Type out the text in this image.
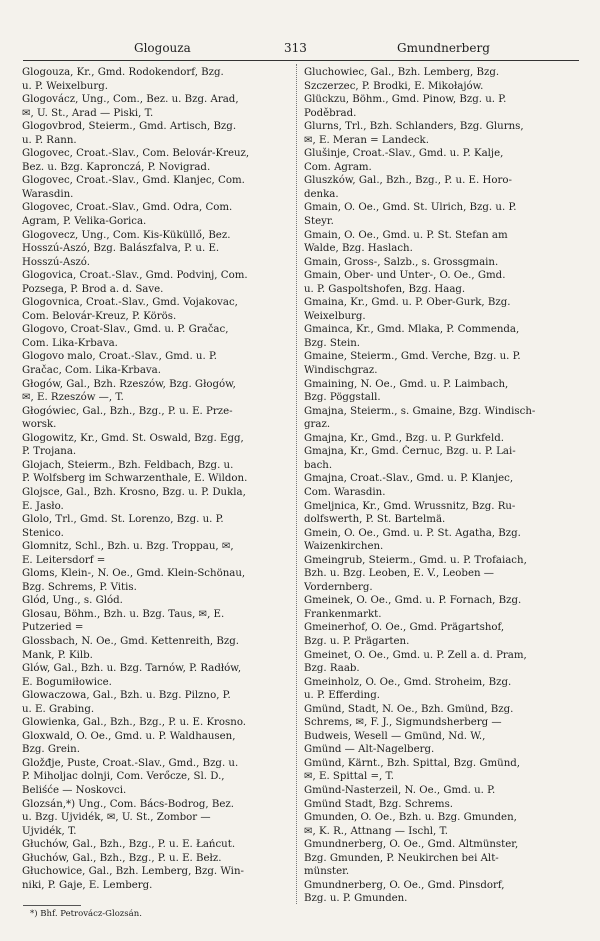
Glogouza	313	Gmundnerberg
Glogouza, Kr., Gmd. Rodokendorf, Bzg.
u. P. Weixelburg.
Glogovácz, Ung., Com., Bez. u. Bzg. Arad,
✉, U. St., Arad — Piski, T.
Glogovbrod, Steierm., Gmd. Artisch, Bzg.
u. P. Rann.
Glogovec, Croat.-Slav., Com. Belovár-Kreuz,
Bez. u. Bzg. Kapronczá, P. Novigrad.
Glogovec, Croat.-Slav., Gmd. Klanjec, Com.
Warasdin.
Glogovec, Croat.-Slav., Gmd. Odra, Com.
Agram, P. Velika-Gorica.
Glogovecz, Ung., Com. Kis-Küküllő, Bez.
Hosszú-Aszó, Bzg. Balászfalva, P. u. E.
Hosszú-Aszó.
Glogovica, Croat.-Slav., Gmd. Podvinj, Com.
Pozsega, P. Brod a. d. Save.
Glogovnica, Croat.-Slav., Gmd. Vojakovac,
Com. Belovár-Kreuz, P. Körös.
Glogovo, Croat-Slav., Gmd. u. P. Gračac,
Com. Lika-Krbava.
Glogovo malo, Croat.-Slav., Gmd. u. P.
Gračac, Com. Lika-Krbava.
Głogów, Gal., Bzh. Rzeszów, Bzg. Głogów,
✉, E. Rzeszów —, T.
Głogówiec, Gal., Bzh., Bzg., P. u. E. Prze-
worsk.
Glogowitz, Kr., Gmd. St. Oswald, Bzg. Egg,
P. Trojana.
Glojach, Steierm., Bzh. Feldbach, Bzg. u.
P. Wolfsberg im Schwarzenthale, E. Wildon.
Glojsce, Gal., Bzh. Krosno, Bzg. u. P. Dukla,
E. Jasło.
Glolo, Trl., Gmd. St. Lorenzo, Bzg. u. P.
Stenico.
Glomnitz, Schl., Bzh. u. Bzg. Troppau, ✉,
E. Leitersdorf =
Gloms, Klein-, N. Oe., Gmd. Klein-Schönau,
Bzg. Schrems, P. Vitis.
Glód, Ung., s. Glód.
Glosau, Böhm., Bzh. u. Bzg. Taus, ✉, E.
Putzeried =
Glossbach, N. Oe., Gmd. Kettenreith, Bzg.
Mank, P. Kilb.
Glów, Gal., Bzh. u. Bzg. Tarnów, P. Radłów,
E. Bogumiłowice.
Glowaczowa, Gal., Bzh. u. Bzg. Pilzno, P.
u. E. Grabing.
Glowienka, Gal., Bzh., Bzg., P. u. E. Krosno.
Gloxwald, O. Oe., Gmd. u. P. Waldhausen,
Bzg. Grein.
Gložđje, Puste, Croat.-Slav., Gmd., Bzg. u.
P. Miholjac dolnji, Com. Verőcze, Sl. D.,
Beliśće — Noskovci.
Glozsán,*) Ung., Com. Bács-Bodrog, Bez.
u. Bzg. Ujvidék, ✉, U. St., Zombor —
Ujvidék, T.
Głuchów, Gal., Bzh., Bzg., P. u. E. Łańcut.
Głuchów, Gal., Bzh., Bzg., P. u. E. Bełz.
Głuchowice, Gal., Bzh. Lemberg, Bzg. Win-
niki, P. Gaje, E. Lemberg.
Gluchowiec, Gal., Bzh. Lemberg, Bzg.
Szczerzec, P. Brodki, E. Mikołajów.
Glückzu, Böhm., Gmd. Pinow, Bzg. u. P.
Poděbrad.
Glurns, Trl., Bzh. Schlanders, Bzg. Glurns,
✉, E. Meran = Landeck.
Glušinje, Croat.-Slav., Gmd. u. P. Kalje,
Com. Agram.
Gluszków, Gal., Bzh., Bzg., P. u. E. Horo-
denka.
Gmain, O. Oe., Gmd. St. Ulrich, Bzg. u. P.
Steyr.
Gmain, O. Oe., Gmd. u. P. St. Stefan am
Walde, Bzg. Haslach.
Gmain, Gross-, Salzb., s. Grossgmain.
Gmain, Ober- und Unter-, O. Oe., Gmd.
u. P. Gaspoltshofen, Bzg. Haag.
Gmaina, Kr., Gmd. u. P. Ober-Gurk, Bzg.
Weixelburg.
Gmainca, Kr., Gmd. Mlaka, P. Commenda,
Bzg. Stein.
Gmaine, Steierm., Gmd. Verche, Bzg. u. P.
Windischgraz.
Gmaining, N. Oe., Gmd. u. P. Laimbach,
Bzg. Pöggstall.
Gmajna, Steierm., s. Gmaine, Bzg. Windisch-
graz.
Gmajna, Kr., Gmd., Bzg. u. P. Gurkfeld.
Gmajna, Kr., Gmd. Černuc, Bzg. u. P. Lai-
bach.
Gmajna, Croat.-Slav., Gmd. u. P. Klanjec,
Com. Warasdin.
Gmeljnica, Kr., Gmd. Wrussnitz, Bzg. Ru-
dolfswerth, P. St. Bartelmä.
Gmein, O. Oe., Gmd. u. P. St. Agatha, Bzg.
Waizenkirchen.
Gmeingrub, Steierm., Gmd. u. P. Trofaiach,
Bzh. u. Bzg. Leoben, E. V., Leoben —
Vordernberg.
Gmeinek, O. Oe., Gmd. u. P. Fornach, Bzg.
Frankenmarkt.
Gmeinerhof, O. Oe., Gmd. Prägartshof,
Bzg. u. P. Prägarten.
Gmeinet, O. Oe., Gmd. u. P. Zell a. d. Pram,
Bzg. Raab.
Gmeinholz, O. Oe., Gmd. Stroheim, Bzg.
u. P. Efferding.
Gmünd, Stadt, N. Oe., Bzh. Gmünd, Bzg.
Schrems, ✉, F. J., Sigmundsherberg —
Budweis, Wesell — Gmünd, Nd. W.,
Gmünd — Alt-Nagelberg.
Gmünd, Kärnt., Bzh. Spittal, Bzg. Gmünd,
✉, E. Spittal =, T.
Gmünd-Nasterzeil, N. Oe., Gmd. u. P.
Gmünd Stadt, Bzg. Schrems.
Gmunden, O. Oe., Bzh. u. Bzg. Gmunden,
✉, K. R., Attnang — Ischl, T.
Gmundnerberg, O. Oe., Gmd. Altmünster,
Bzg. Gmunden, P. Neukirchen bei Alt-
münster.
Gmundnerberg, O. Oe., Gmd. Pinsdorf,
Bzg. u. P. Gmunden.
*) Bhf. Petrovácz-Glozsán.
